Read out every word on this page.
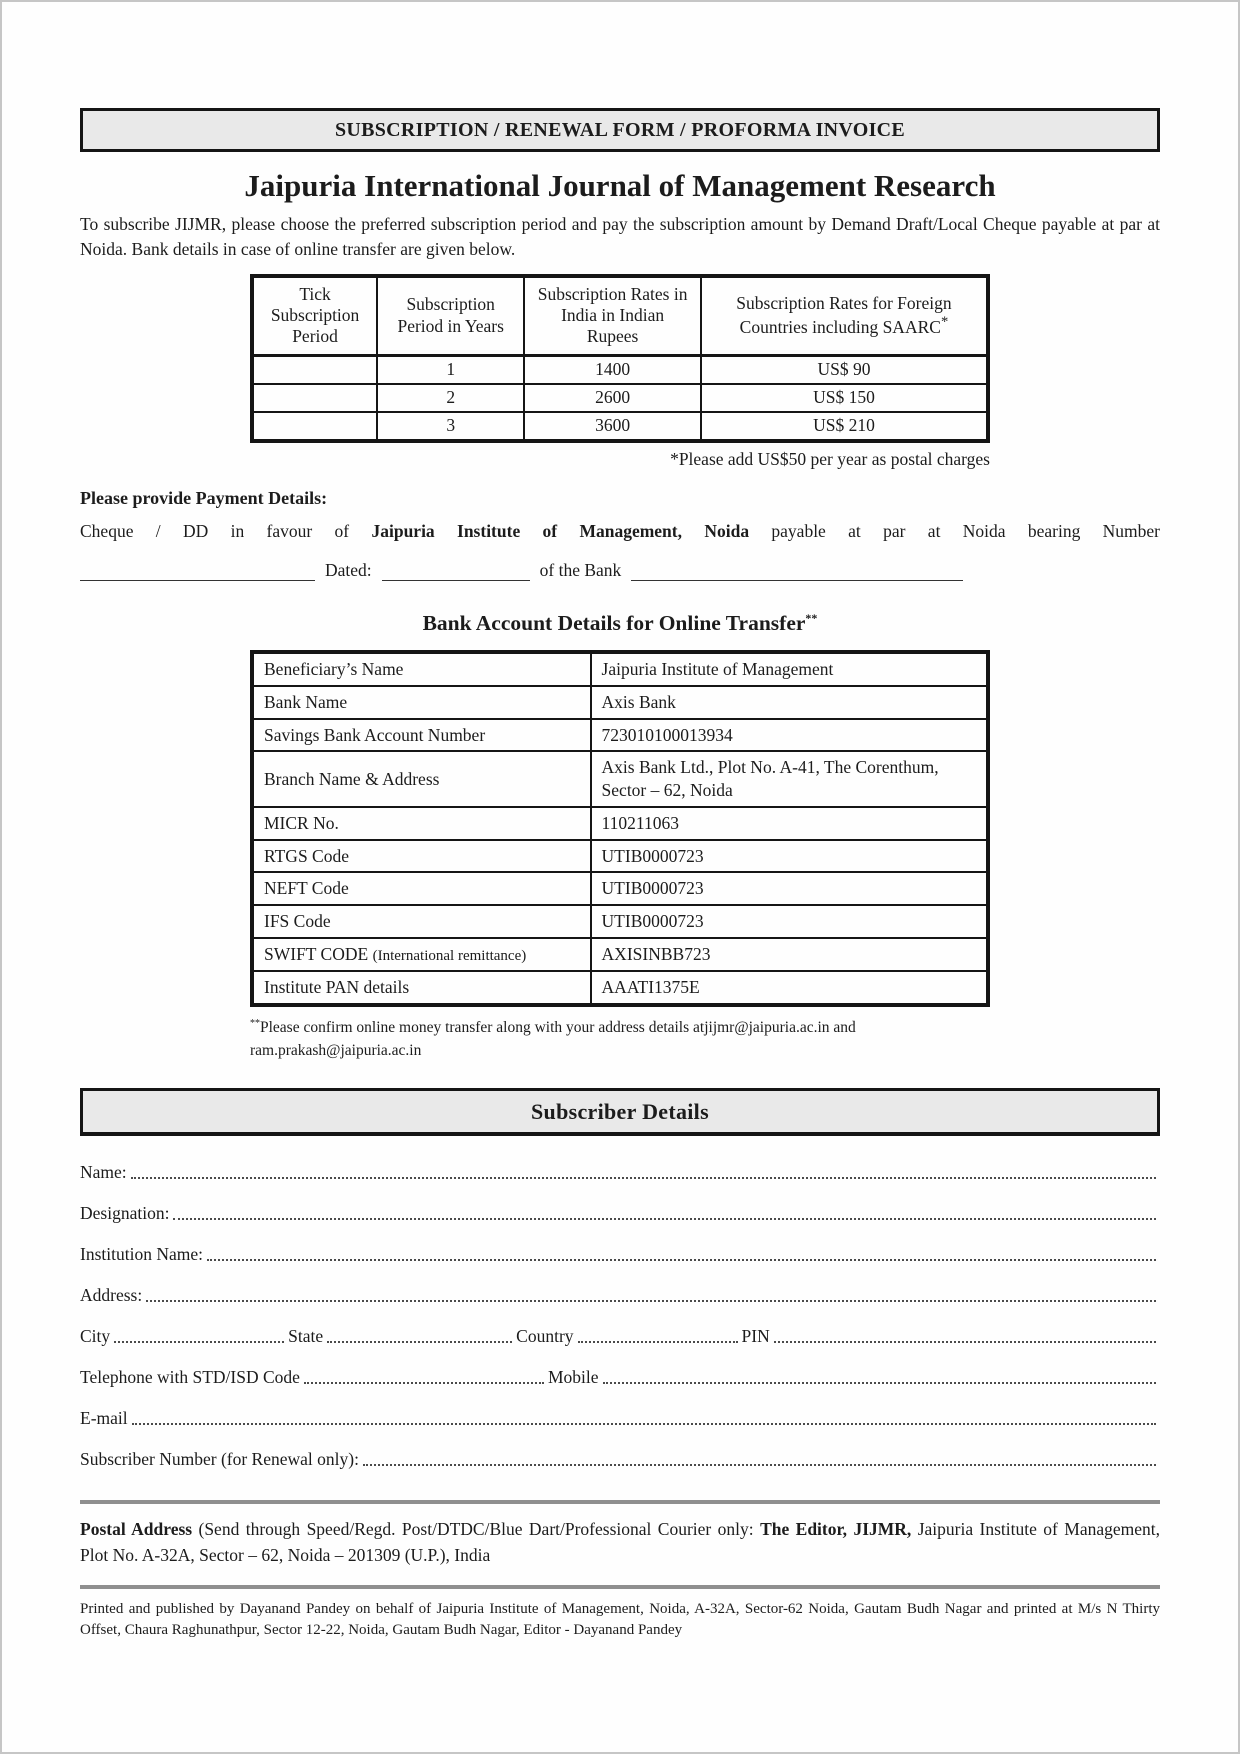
SUBSCRIPTION / RENEWAL FORM / PROFORMA INVOICE
Jaipuria International Journal of Management Research

To subscribe JIJMR, please choose the preferred subscription period and pay the subscription amount by Demand Draft/Local Cheque payable at par at Noida. Bank details in case of online transfer are given below.

Tick Subscription Period	Subscription Period in Years	Subscription Rates in India in Indian Rupees	Subscription Rates for Foreign Countries including SAARC*
	1	1400	US$ 90
	2	2600	US$ 150
	3	3600	US$ 210
*Please add US$50 per year as postal charges
Please provide Payment Details:
Cheque / DD in favour of Jaipuria Institute of Management, Noida payable at par at Noida bearing Number
Dated:	of the Bank
Bank Account Details for Online Transfer**
Beneficiary’s Name	Jaipuria Institute of Management
Bank Name	Axis Bank
Savings Bank Account Number	723010100013934
Branch Name & Address	Axis Bank Ltd., Plot No. A-41, The Corenthum, Sector – 62, Noida
MICR No.	110211063
RTGS Code	UTIB0000723
NEFT Code	UTIB0000723
IFS Code	UTIB0000723
SWIFT CODE (International remittance)	AXISINBB723
Institute PAN details	AAATI1375E
**Please confirm online money transfer along with your address details atjijmr@jaipuria.ac.in and ram.prakash@jaipuria.ac.in
Subscriber Details
Name:
Designation:
Institution Name:
Address:
City	State	Country	PIN
Telephone with STD/ISD Code	Mobile
E-mail
Subscriber Number (for Renewal only):

Postal Address (Send through Speed/Regd. Post/DTDC/Blue Dart/Professional Courier only: The Editor, JIJMR, Jaipuria Institute of Management, Plot No. A-32A, Sector – 62, Noida – 201309 (U.P.), India

Printed and published by Dayanand Pandey on behalf of Jaipuria Institute of Management, Noida, A-32A, Sector-62 Noida, Gautam Budh Nagar and printed at M/s N Thirty Offset, Chaura Raghunathpur, Sector 12-22, Noida, Gautam Budh Nagar, Editor - Dayanand Pandey
